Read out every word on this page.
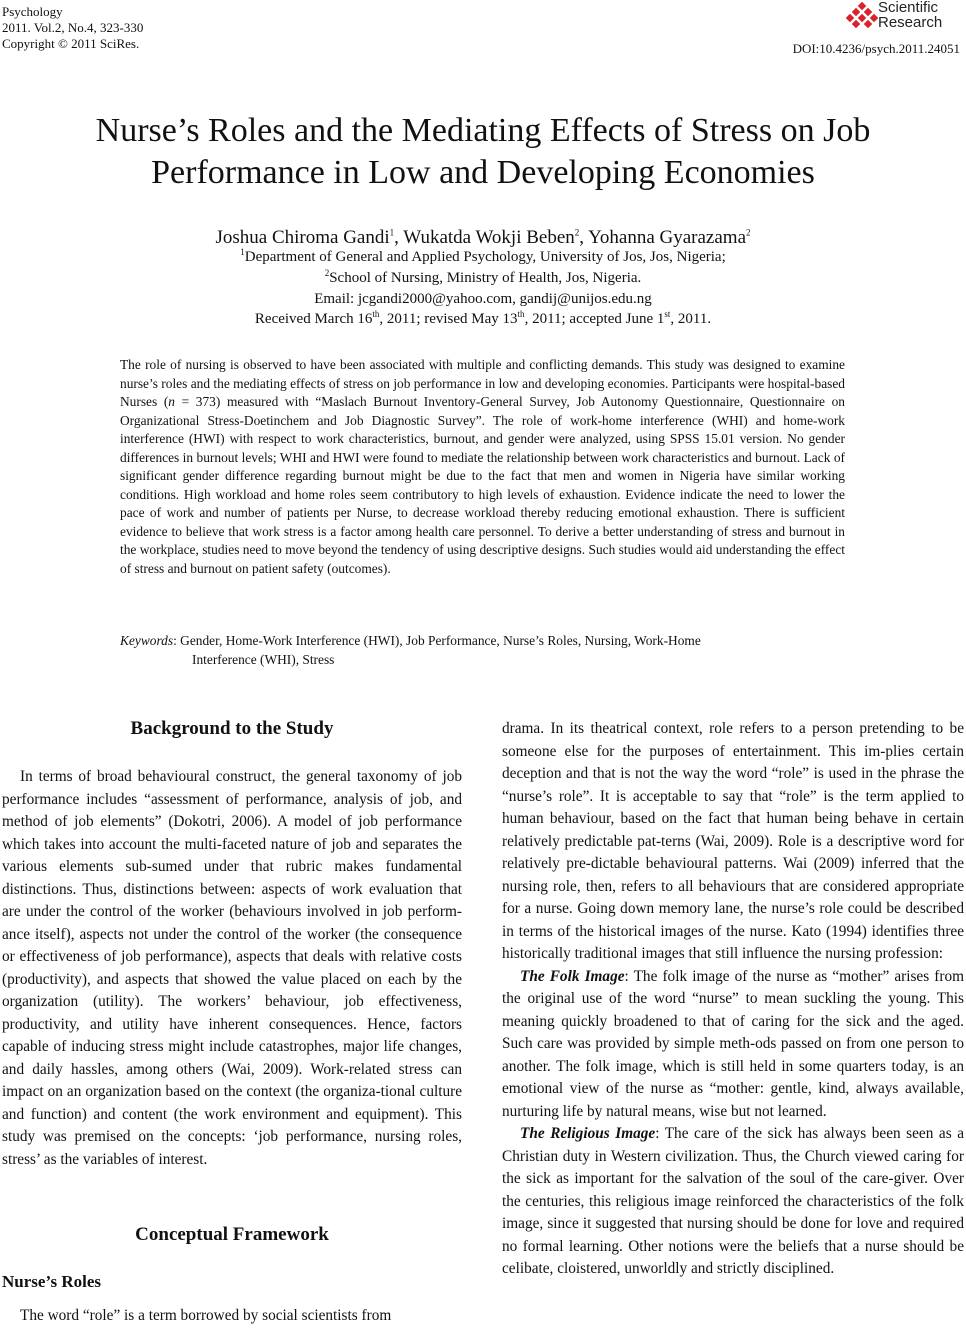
Psychology
2011. Vol.2, No.4, 323-330
Copyright © 2011 SciRes.
Scientific
Research
DOI:10.4236/psych.2011.24051
Nurse’s Roles and the Mediating Effects of Stress on Job
Performance in Low and Developing Economies
Joshua Chiroma Gandi$^1$, Wukatda Wokji Beben$^2$, Yohanna Gyarazama$^2$
$^1$Department of General and Applied Psychology, University of Jos, Jos, Nigeria;
$^2$School of Nursing, Ministry of Health, Jos, Nigeria.
Email: jcgandi2000@yahoo.com, gandij@unijos.edu.ng
Received March 16th, 2011; revised May 13th, 2011; accepted June 1st, 2011.
The role of nursing is observed to have been associated with multiple and conflicting demands. This study was designed to examine nurse’s roles and the mediating effects of stress on job performance in low and developing economies. Participants were hospital-based Nurses (n = 373) measured with “Maslach Burnout Inventory-General Survey, Job Autonomy Questionnaire, Questionnaire on Organizational Stress-Doetinchem and Job Diagnostic Survey”. The role of work-home interference (WHI) and home-work interference (HWI) with respect to work characteristics, burnout, and gender were analyzed, using SPSS 15.01 version. No gender differences in burnout levels; WHI and HWI were found to mediate the relationship between work characteristics and burnout. Lack of significant gender difference regarding burnout might be due to the fact that men and women in Nigeria have similar working conditions. High workload and home roles seem contributory to high levels of exhaustion. Evidence indicate the need to lower the pace of work and number of patients per Nurse, to decrease workload thereby reducing emotional exhaustion. There is sufficient evidence to believe that work stress is a factor among health care personnel. To derive a better understanding of stress and burnout in the workplace, studies need to move beyond the tendency of using descriptive designs. Such studies would aid understanding the effect of stress and burnout on patient safety (outcomes).
Keywords: Gender, Home-Work Interference (HWI), Job Performance, Nurse’s Roles, Nursing, Work-Home
Interference (WHI), Stress
Background to the Study

In terms of broad behavioural construct, the general taxonomy of job performance includes “assessment of performance, analysis of job, and method of job elements” (Dokotri, 2006). A model of job performance which takes into account the multi-faceted nature of job and separates the various elements sub-sumed under that rubric makes fundamental distinctions. Thus, distinctions between: aspects of work evaluation that are under the control of the worker (behaviours involved in job perform-ance itself), aspects not under the control of the worker (the consequence or effectiveness of job performance), aspects that deals with relative costs (productivity), and aspects that showed the value placed on each by the organization (utility). The workers’ behaviour, job effectiveness, productivity, and utility have inherent consequences. Hence, factors capable of inducing stress might include catastrophes, major life changes, and daily hassles, among others (Wai, 2009). Work-related stress can impact on an organization based on the context (the organiza-tional culture and function) and content (the work environment and equipment). This study was premised on the concepts: ‘job performance, nursing roles, stress’ as the variables of interest.

Conceptual Framework
Nurse’s Roles

The word “role” is a term borrowed by social scientists from

drama. In its theatrical context, role refers to a person pretending to be someone else for the purposes of entertainment. This im-plies certain deception and that is not the way the word “role” is used in the phrase the “nurse’s role”. It is acceptable to say that “role” is the term applied to human behaviour, based on the fact that human being behave in certain relatively predictable pat-terns (Wai, 2009). Role is a descriptive word for relatively pre-dictable behavioural patterns. Wai (2009) inferred that the nursing role, then, refers to all behaviours that are considered appropriate for a nurse. Going down memory lane, the nurse’s role could be described in terms of the historical images of the nurse. Kato (1994) identifies three historically traditional images that still influence the nursing profession:

The Folk Image: The folk image of the nurse as “mother” arises from the original use of the word “nurse” to mean suckling the young. This meaning quickly broadened to that of caring for the sick and the aged. Such care was provided by simple meth-ods passed on from one person to another. The folk image, which is still held in some quarters today, is an emotional view of the nurse as “mother: gentle, kind, always available, nurturing life by natural means, wise but not learned.

The Religious Image: The care of the sick has always been seen as a Christian duty in Western civilization. Thus, the Church viewed caring for the sick as important for the salvation of the soul of the care-giver. Over the centuries, this religious image reinforced the characteristics of the folk image, since it suggested that nursing should be done for love and required no formal learning. Other notions were the beliefs that a nurse should be celibate, cloistered, unworldly and strictly disciplined.
